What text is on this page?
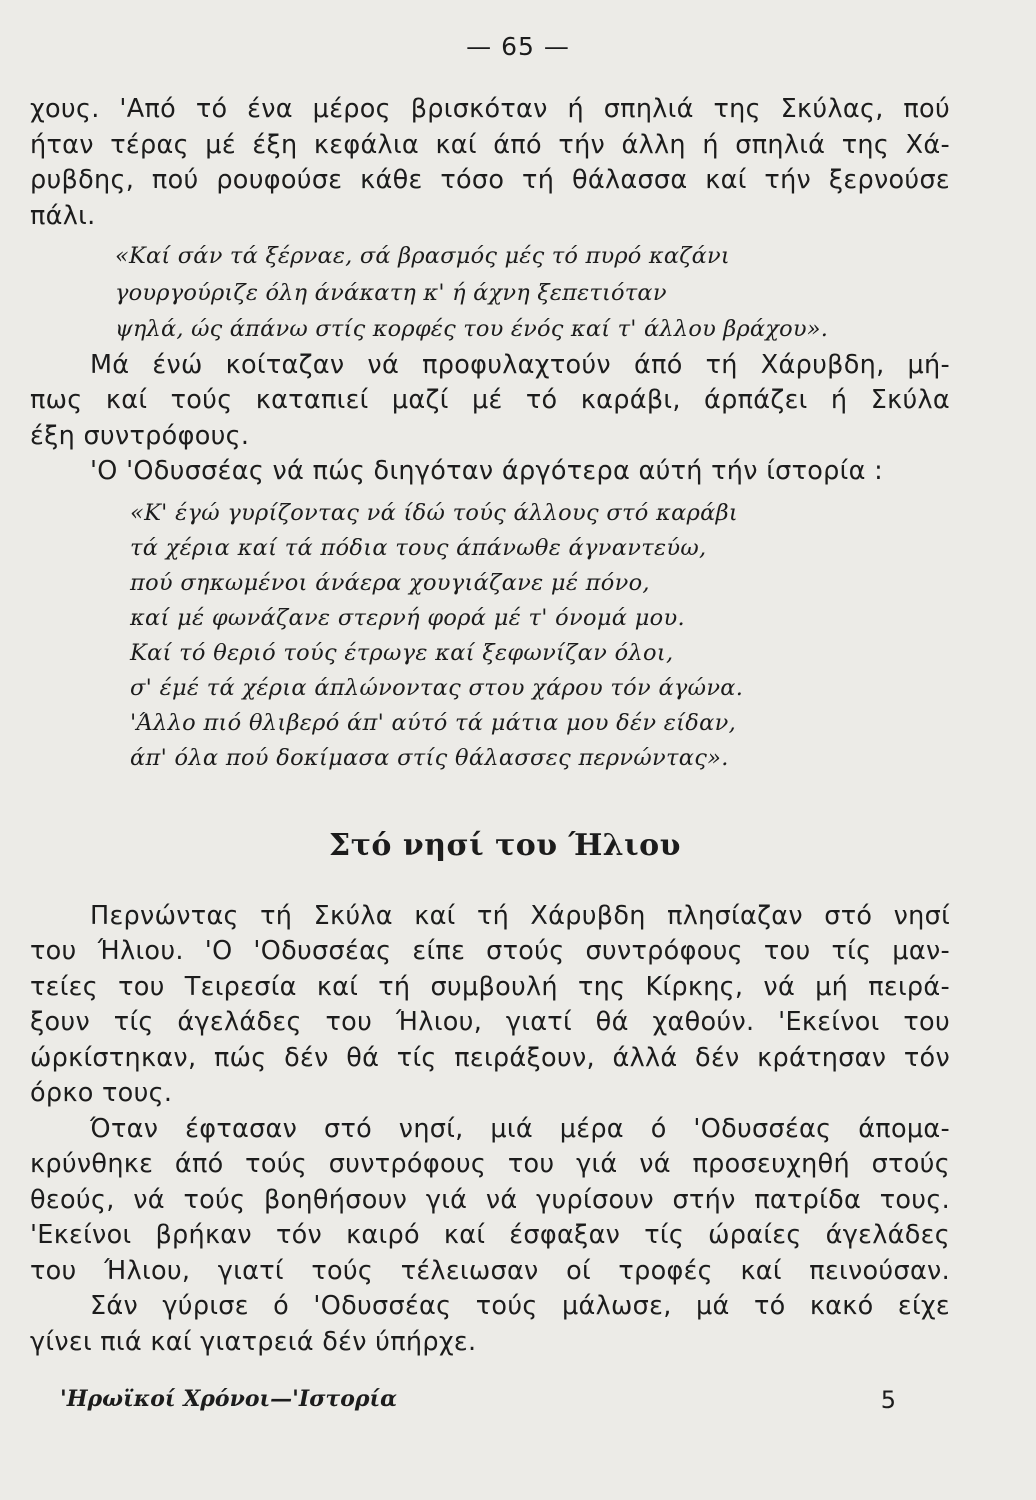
— 65 —
χους. 'Από τό ένα μέρος βρισκόταν ή σπηλιά της Σκύλας, πού
ήταν τέρας μέ έξη κεφάλια καί άπό τήν άλλη ή σπηλιά της Χά-
ρυβδης, πού ρουφούσε κάθε τόσο τή θάλασσα καί τήν ξερνούσε
πάλι.
«Καί σάν τά ξέρναε, σά βρασμός μές τό πυρό καζάνι
γουργούριζε όλη άνάκατη κ' ή άχνη ξεπετιόταν
ψηλά, ώς άπάνω στίς κορφές του ένός καί τ' άλλου βράχου».
Μά ένώ κοίταζαν νά προφυλαχτούν άπό τή Χάρυβδη, μή-
πως καί τούς καταπιεί μαζί μέ τό καράβι, άρπάζει ή Σκύλα
έξη συντρόφους.
'Ο 'Οδυσσέας νά πώς διηγόταν άργότερα αύτή τήν ίστορία :
«Κ' έγώ γυρίζοντας νά ίδώ τούς άλλους στό καράβι
τά χέρια καί τά πόδια τους άπάνωθε άγναντεύω,
πού σηκωμένοι άνάερα χουγιάζανε μέ πόνο,
καί μέ φωνάζανε στερνή φορά μέ τ' όνομά μου.
Καί τό θεριό τούς έτρωγε καί ξεφωνίζαν όλοι,
σ' έμέ τά χέρια άπλώνοντας στου χάρου τόν άγώνα.
'Άλλο πιό θλιβερό άπ' αύτό τά μάτια μου δέν είδαν,
άπ' όλα πού δοκίμασα στίς θάλασσες περνώντας».
Στό νησί του Ήλιου
Περνώντας τή Σκύλα καί τή Χάρυβδη πλησίαζαν στό νησί
του Ήλιου. 'Ο 'Οδυσσέας είπε στούς συντρόφους του τίς μαν-
τείες του Τειρεσία καί τή συμβουλή της Κίρκης, νά μή πειρά-
ξουν τίς άγελάδες του Ήλιου, γιατί θά χαθούν. 'Εκείνοι του
ώρκίστηκαν, πώς δέν θά τίς πειράξουν, άλλά δέν κράτησαν τόν
όρκο τους.
Όταν έφτασαν στό νησί, μιά μέρα ό 'Οδυσσέας άπομα-
κρύνθηκε άπό τούς συντρόφους του γιά νά προσευχηθή στούς
θεούς, νά τούς βοηθήσουν γιά νά γυρίσουν στήν πατρίδα τους.
'Εκείνοι βρήκαν τόν καιρό καί έσφαξαν τίς ώραίες άγελάδες
του Ήλιου, γιατί τούς τέλειωσαν οί τροφές καί πεινούσαν.
Σάν γύρισε ό 'Οδυσσέας τούς μάλωσε, μά τό κακό είχε
γίνει πιά καί γιατρειά δέν ύπήρχε.
'Ηρωϊκοί Χρόνοι—'Ιστορία	5
